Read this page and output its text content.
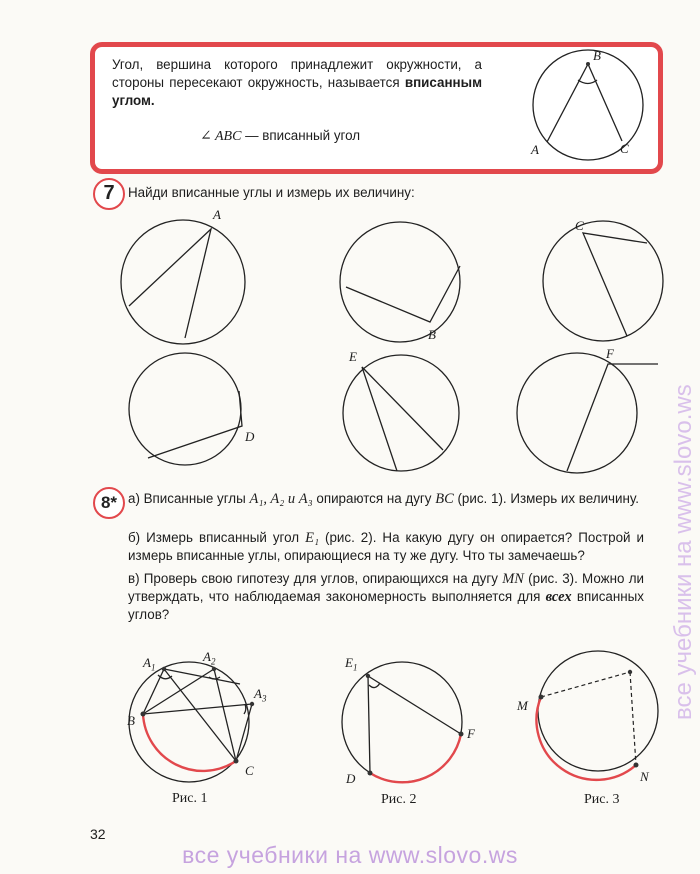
Угол, вершина которого принадлежит окружности, а стороны пересекают окружность, называется вписанным углом.
∠ ABC — вписанный угол
7	Найди вписанные углы и измерь их величину:
8* а) Вписанные углы A₁, A₂ и A₃ опираются на дугу BC (рис. 1). Измерь их величину.
б) Измерь вписанный угол E₁ (рис. 2). На какую дугу он опирается? Построй и измерь вписанные углы, опирающиеся на ту же дугу. Что ты замечаешь?
в) Проверь свою гипотезу для углов, опирающихся на дугу MN (рис. 3). Можно ли утверждать, что наблюдаемая закономерность выполняется для всех вписанных углов?
B
A	C
A
B
C
D
E	F
$A_1$
$A_2$
$A_3$
B
C
Рис. 1
$E_1$
D
F
Рис. 2
M
N
Рис. 3
32
все учебники на www.slovo.ws
все учебники на www.slovo.ws
